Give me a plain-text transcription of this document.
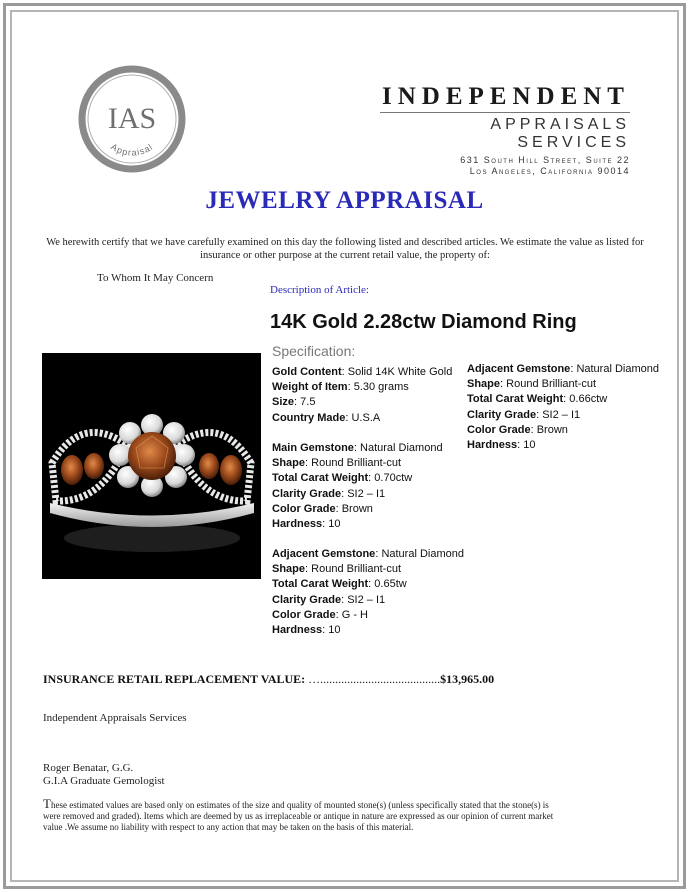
IAS
Appraisal
INDEPENDENT
APPRAISALS SERVICES
631 South Hill Street, Suite 22
Los Angeles, California 90014
JEWELRY APPRAISAL
We herewith certify that we have carefully examined on this day the following listed and described articles. We estimate the value as listed for insurance or other purpose at the current retail value, the property of:
To Whom It May Concern
Description of Article:
14K Gold 2.28ctw Diamond Ring
Specification:
Gold Content: Solid 14K White Gold
Weight of Item: 5.30 grams
Size: 7.5
Country Made: U.S.A
Main Gemstone: Natural Diamond
Shape: Round Brilliant-cut
Total Carat Weight: 0.70ctw
Clarity Grade: SI2 – I1
Color Grade: Brown
Hardness: 10
Adjacent Gemstone: Natural Diamond
Shape: Round Brilliant-cut
Total Carat Weight: 0.65tw
Clarity Grade: SI2 – I1
Color Grade: G - H
Hardness: 10
Adjacent Gemstone: Natural Diamond
Shape: Round Brilliant-cut
Total Carat Weight: 0.66ctw
Clarity Grade: SI2 – I1
Color Grade: Brown
Hardness: 10
INSURANCE RETAIL REPLACEMENT VALUE: …........................................$13,965.00
Independent Appraisals Services
Roger Benatar, G.G.
G.I.A Graduate Gemologist
These estimated values are based only on estimates of the size and quality of mounted stone(s) (unless specifically stated that the stone(s) is were removed and graded). Items which are deemed by us as irreplaceable or antique in nature are expressed as our opinion of current market value .We assume no liability with respect to any action that may be taken on the basis of this material.
